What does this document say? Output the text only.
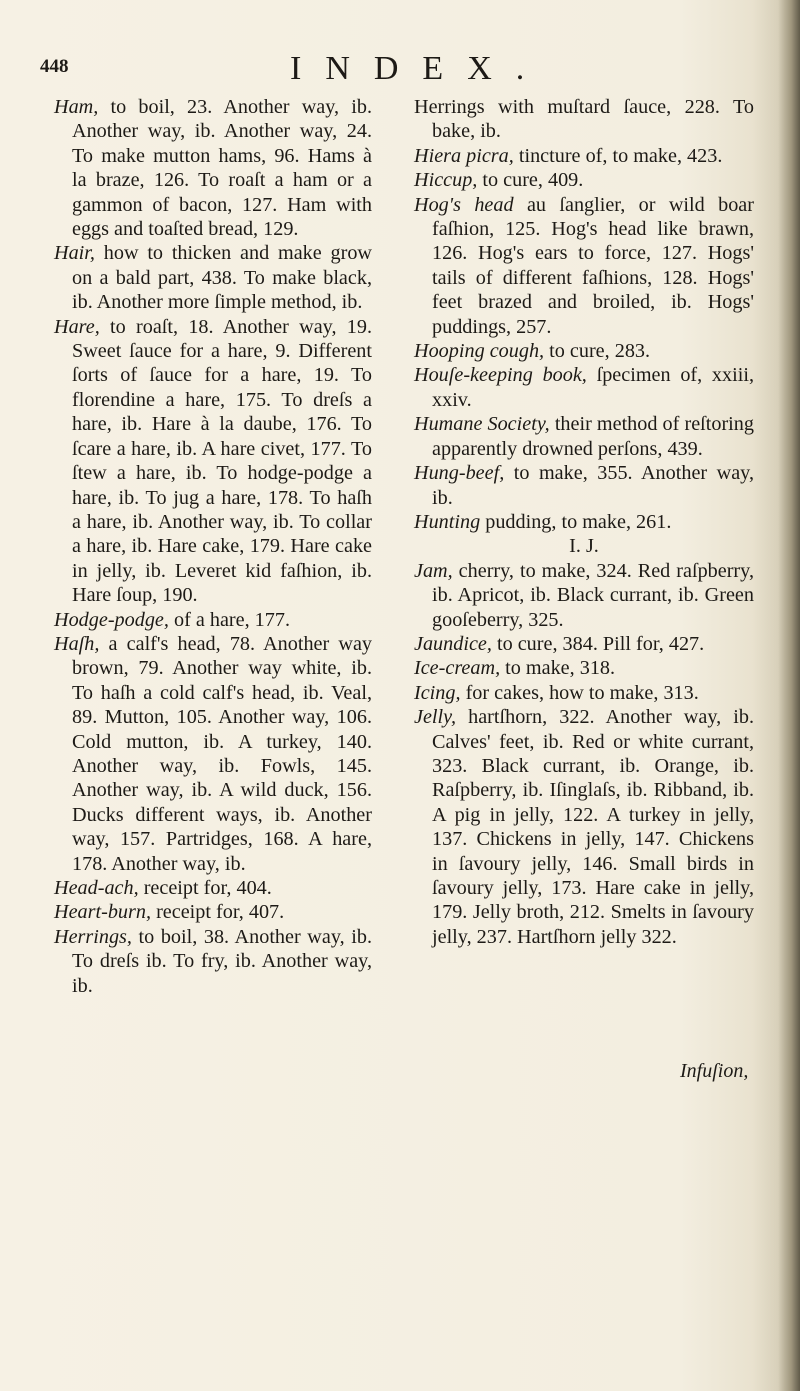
448	INDEX.
Ham, to boil, 23. Another way, ib. Another way, ib. Another way, 24. To make mutton hams, 96. Hams à la braze, 126. To roaſt a ham or a gammon of bacon, 127. Ham with eggs and toaſted bread, 129.
Hair, how to thicken and make grow on a bald part, 438. To make black, ib. Another more ſimple method, ib.
Hare, to roaſt, 18. Another way, 19. Sweet ſauce for a hare, 9. Different ſorts of ſauce for a hare, 19. To florendine a hare, 175. To dreſs a hare, ib. Hare à la daube, 176. To ſcare a hare, ib. A hare civet, 177. To ſtew a hare, ib. To hodge-podge a hare, ib. To jug a hare, 178. To haſh a hare, ib. Another way, ib. To collar a hare, ib. Hare cake, 179. Hare cake in jelly, ib. Leveret kid faſhion, ib. Hare ſoup, 190.
Hodge-podge, of a hare, 177.
Haſh, a calf's head, 78. Another way brown, 79. Another way white, ib. To haſh a cold calf's head, ib. Veal, 89. Mutton, 105. Another way, 106. Cold mutton, ib. A turkey, 140. Another way, ib. Fowls, 145. Another way, ib. A wild duck, 156. Ducks different ways, ib. Another way, 157. Partridges, 168. A hare, 178. Another way, ib.
Head-ach, receipt for, 404.
Heart-burn, receipt for, 407.
Herrings, to boil, 38. Another way, ib. To dreſs ib. To fry, ib. Another way, ib.
Herrings with muſtard ſauce, 228. To bake, ib.
Hiera picra, tincture of, to make, 423.
Hiccup, to cure, 409.
Hog's head au ſanglier, or wild boar faſhion, 125. Hog's head like brawn, 126. Hog's ears to force, 127. Hogs' tails of different faſhions, 128. Hogs' feet brazed and broiled, ib. Hogs' puddings, 257.
Hooping cough, to cure, 283.
Houſe-keeping book, ſpecimen of, xxiii, xxiv.
Humane Society, their method of reſtoring apparently drowned perſons, 439.
Hung-beef, to make, 355. Another way, ib.
Hunting pudding, to make, 261.
I. J.
Jam, cherry, to make, 324. Red raſpberry, ib. Apricot, ib. Black currant, ib. Green gooſeberry, 325.
Jaundice, to cure, 384. Pill for, 427.
Ice-cream, to make, 318.
Icing, for cakes, how to make, 313.
Jelly, hartſhorn, 322. Another way, ib. Calves' feet, ib. Red or white currant, 323. Black currant, ib. Orange, ib. Raſpberry, ib. Iſinglaſs, ib. Ribband, ib. A pig in jelly, 122. A turkey in jelly, 137. Chickens in jelly, 147. Chickens in ſavoury jelly, 146. Small birds in ſavoury jelly, 173. Hare cake in jelly, 179. Jelly broth, 212. Smelts in ſavoury jelly, 237. Hartſhorn jelly 322.
Infuſion,
